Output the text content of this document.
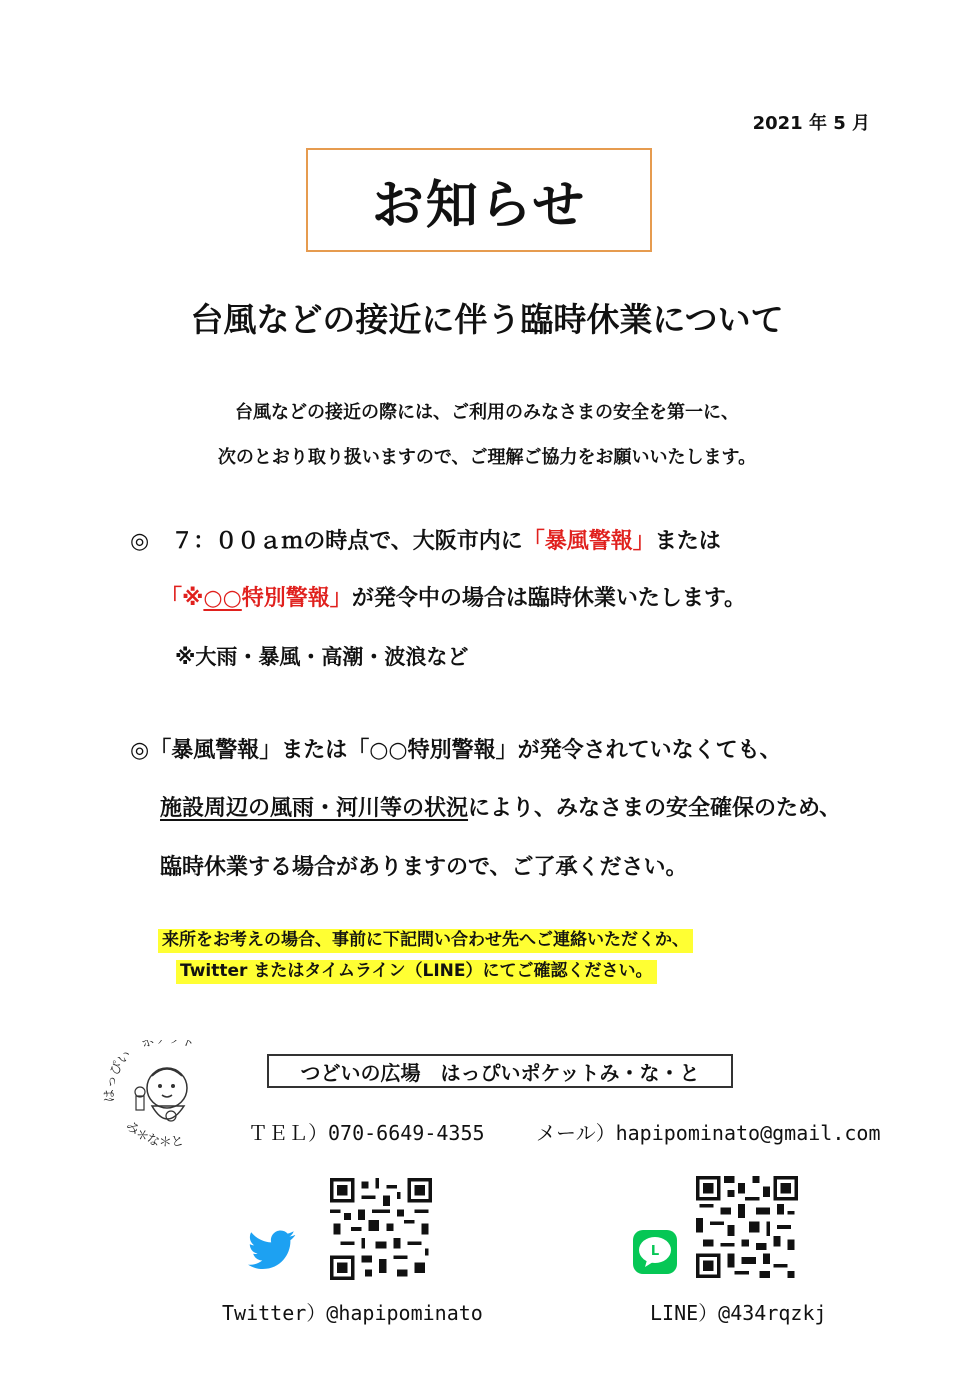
2021 年 5 月
お知らせ
台風などの接近に伴う臨時休業について
台風などの接近の際には、ご利用のみなさまの安全を第一に、
次のとおり取り扱いますので、ご理解ご協力をお願いいたします。
◎　７：００ａｍの時点で、大阪市内に「暴風警報」または
「※○○特別警報」が発令中の場合は臨時休業いたします。
※大雨・暴風・高潮・波浪など
◎「暴風警報」または「○○特別警報」が発令されていなくても、
施設周辺の風雨・河川等の状況により、みなさまの安全確保のため、
臨時休業する場合がありますので、ご了承ください。
来所をお考えの場合、事前に下記問い合わせ先へご連絡いただくか、
Twitter またはタイムライン（LINE）にてご確認ください。
はっぴい　ポ ト
み＊な＊と
つどいの広場　はっぴいポケットみ・な・と
ＴＥＬ）070-6649-4355	メール）hapipominato@gmail.com
Twitter）@hapipominato
L
LINE）@434rqzkj
